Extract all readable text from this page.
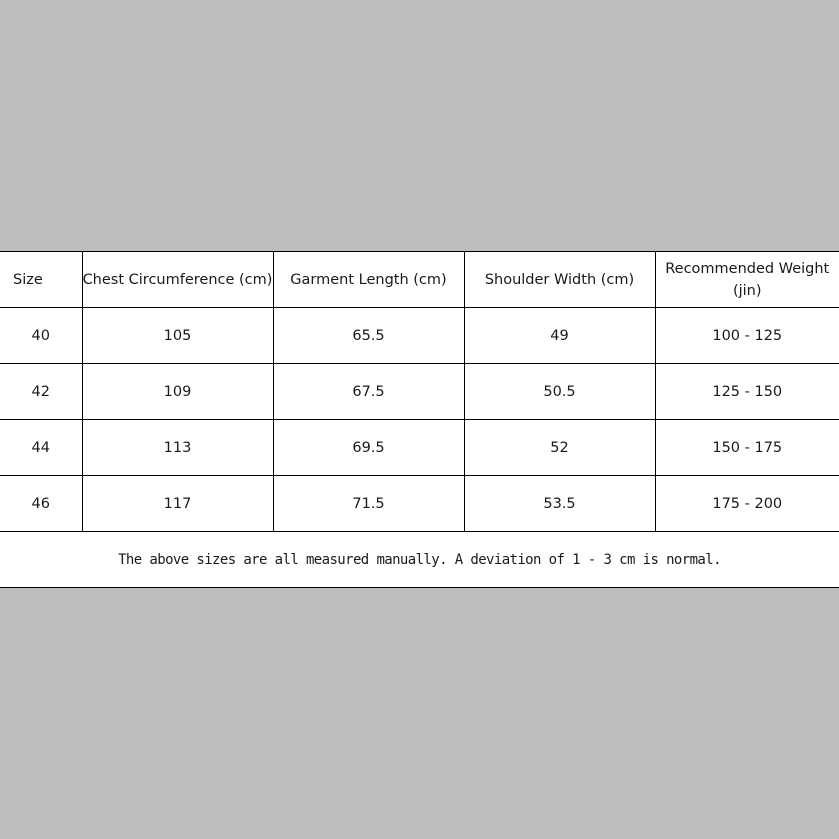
Size	Chest Circumference (cm)	Garment Length (cm)	Shoulder Width (cm)	Recommended Weight (jin)
40	105	65.5	49	100 - 125
42	109	67.5	50.5	125 - 150
44	113	69.5	52	150 - 175
46	117	71.5	53.5	175 - 200
The above sizes are all measured manually. A deviation of 1 - 3 cm is normal.				
